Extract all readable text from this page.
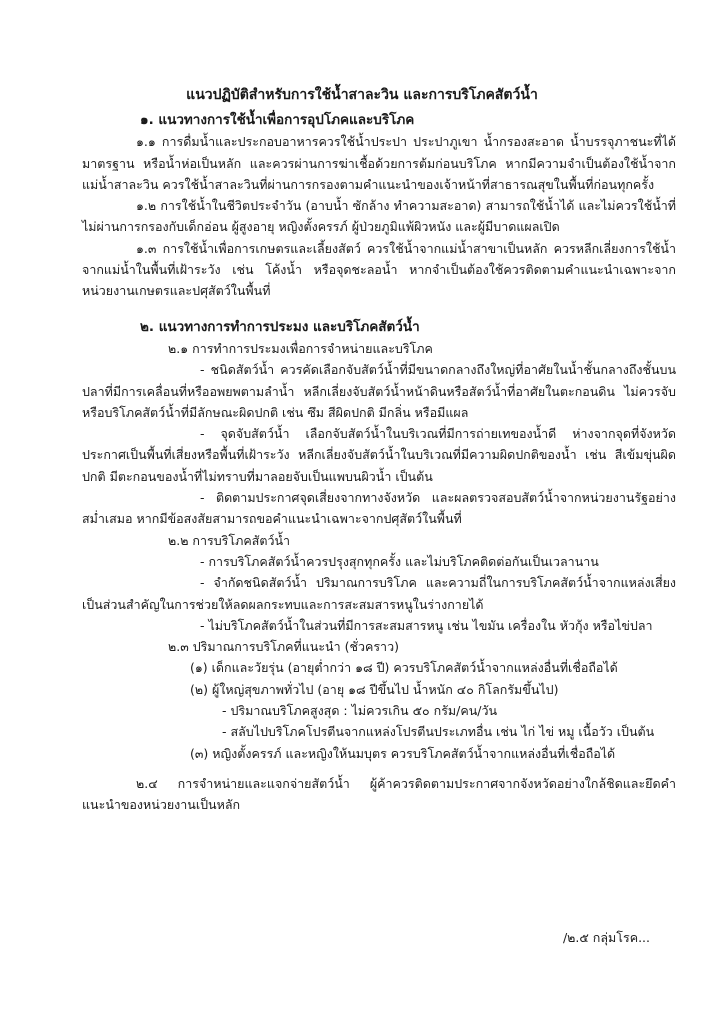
แนวปฏิบัติสำหรับการใช้น้ำสาละวิน และการบริโภคสัตว์น้ำ

๑. แนวทางการใช้น้ำเพื่อการอุปโภคและบริโภค

๑.๑ การดื่มน้ำและประกอบอาหารควรใช้น้ำประปา ประปาภูเขา น้ำกรองสะอาด น้ำบรรจุภาชนะที่ได้มาตรฐาน หรือน้ำห่อเป็นหลัก และควรผ่านการฆ่าเชื้อด้วยการต้มก่อนบริโภค หากมีความจำเป็นต้องใช้น้ำจากแม่น้ำสาละวิน ควรใช้น้ำสาละวินที่ผ่านการกรองตามคำแนะนำของเจ้าหน้าที่สาธารณสุขในพื้นที่ก่อนทุกครั้ง

๑.๒ การใช้น้ำในชีวิตประจำวัน (อาบน้ำ ซักล้าง ทำความสะอาด) สามารถใช้น้ำได้ และไม่ควรใช้น้ำที่ไม่ผ่านการกรองกับเด็กอ่อน ผู้สูงอายุ หญิงตั้งครรภ์ ผู้ป่วยภูมิแพ้ผิวหนัง และผู้มีบาดแผลเปิด

๑.๓ การใช้น้ำเพื่อการเกษตรและเลี้ยงสัตว์ ควรใช้น้ำจากแม่น้ำสาขาเป็นหลัก ควรหลีกเลี่ยงการใช้น้ำจากแม่น้ำในพื้นที่เฝ้าระวัง เช่น โค้งน้ำ หรือจุดชะลอน้ำ หากจำเป็นต้องใช้ควรติดตามคำแนะนำเฉพาะจากหน่วยงานเกษตรและปศุสัตว์ในพื้นที่

๒. แนวทางการทำการประมง และบริโภคสัตว์น้ำ

๒.๑ การทำการประมงเพื่อการจำหน่ายและบริโภค

- ชนิดสัตว์น้ำ ควรคัดเลือกจับสัตว์น้ำที่มีขนาดกลางถึงใหญ่ที่อาศัยในน้ำชั้นกลางถึงชั้นบน ปลาที่มีการเคลื่อนที่หรืออพยพตามลำน้ำ หลีกเลี่ยงจับสัตว์น้ำหน้าดินหรือสัตว์น้ำที่อาศัยในตะกอนดิน ไม่ควรจับหรือบริโภคสัตว์น้ำที่มีลักษณะผิดปกติ เช่น ซึม สีผิดปกติ มีกลิ่น หรือมีแผล

- จุดจับสัตว์น้ำ เลือกจับสัตว์น้ำในบริเวณที่มีการถ่ายเทของน้ำดี ห่างจากจุดที่จังหวัดประกาศเป็นพื้นที่เสี่ยงหรือพื้นที่เฝ้าระวัง หลีกเลี่ยงจับสัตว์น้ำในบริเวณที่มีความผิดปกติของน้ำ เช่น สีเข้มขุ่นผิดปกติ มีตะกอนของน้ำที่ไม่ทราบที่มาลอยจับเป็นแพบนผิวน้ำ เป็นต้น

- ติดตามประกาศจุดเสี่ยงจากทางจังหวัด และผลตรวจสอบสัตว์น้ำจากหน่วยงานรัฐอย่างสม่ำเสมอ หากมีข้อสงสัยสามารถขอคำแนะนำเฉพาะจากปศุสัตว์ในพื้นที่

๒.๒ การบริโภคสัตว์น้ำ

- การบริโภคสัตว์น้ำควรปรุงสุกทุกครั้ง และไม่บริโภคติดต่อกันเป็นเวลานาน

- จำกัดชนิดสัตว์น้ำ ปริมาณการบริโภค และความถี่ในการบริโภคสัตว์น้ำจากแหล่งเสี่ยงเป็นส่วนสำคัญในการช่วยให้ลดผลกระทบและการสะสมสารหนูในร่างกายได้

- ไม่บริโภคสัตว์น้ำในส่วนที่มีการสะสมสารหนู เช่น ไขมัน เครื่องใน หัวกุ้ง หรือไข่ปลา

๒.๓ ปริมาณการบริโภคที่แนะนำ (ชั่วคราว)

(๑) เด็กและวัยรุ่น (อายุต่ำกว่า ๑๘ ปี) ควรบริโภคสัตว์น้ำจากแหล่งอื่นที่เชื่อถือได้

(๒) ผู้ใหญ่สุขภาพทั่วไป (อายุ ๑๘ ปีขึ้นไป น้ำหนัก ๔๐ กิโลกรัมขึ้นไป)

- ปริมาณบริโภคสูงสุด : ไม่ควรเกิน ๕๐ กรัม/คน/วัน

- สลับไปบริโภคโปรตีนจากแหล่งโปรตีนประเภทอื่น เช่น ไก่ ไข่ หมู เนื้อวัว เป็นต้น

(๓) หญิงตั้งครรภ์ และหญิงให้นมบุตร ควรบริโภคสัตว์น้ำจากแหล่งอื่นที่เชื่อถือได้

๒.๔ การจำหน่ายและแจกจ่ายสัตว์น้ำ ผู้ค้าควรติดตามประกาศจากจังหวัดอย่างใกล้ชิดและยึดคำแนะนำของหน่วยงานเป็นหลัก

/๒.๕ กลุ่มโรค...
